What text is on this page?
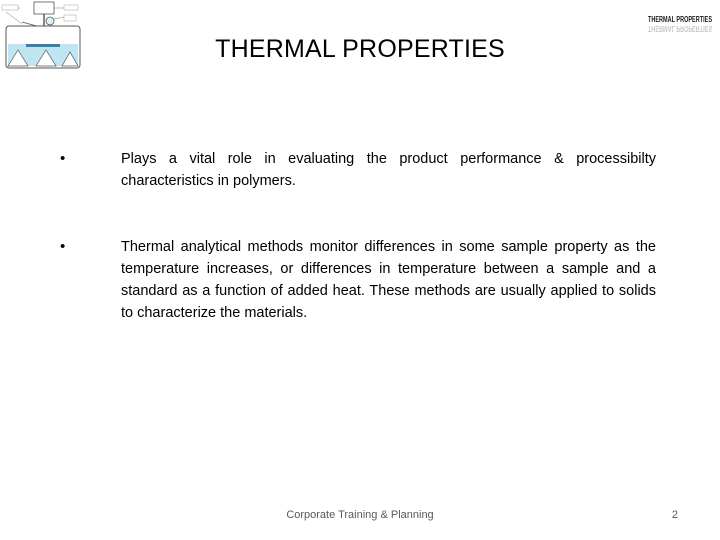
THERMAL PROPERTIES
THERMAL PROPERTIES
THERMAL PROPERTIES
•	Plays a vital role in evaluating the product performance & processibilty characteristics in polymers.
•	Thermal analytical methods monitor differences in some sample property as the temperature increases, or differences in temperature between a sample and a standard as a function of added heat. These methods are usually applied to solids to characterize the materials.
Corporate Training & Planning	2
